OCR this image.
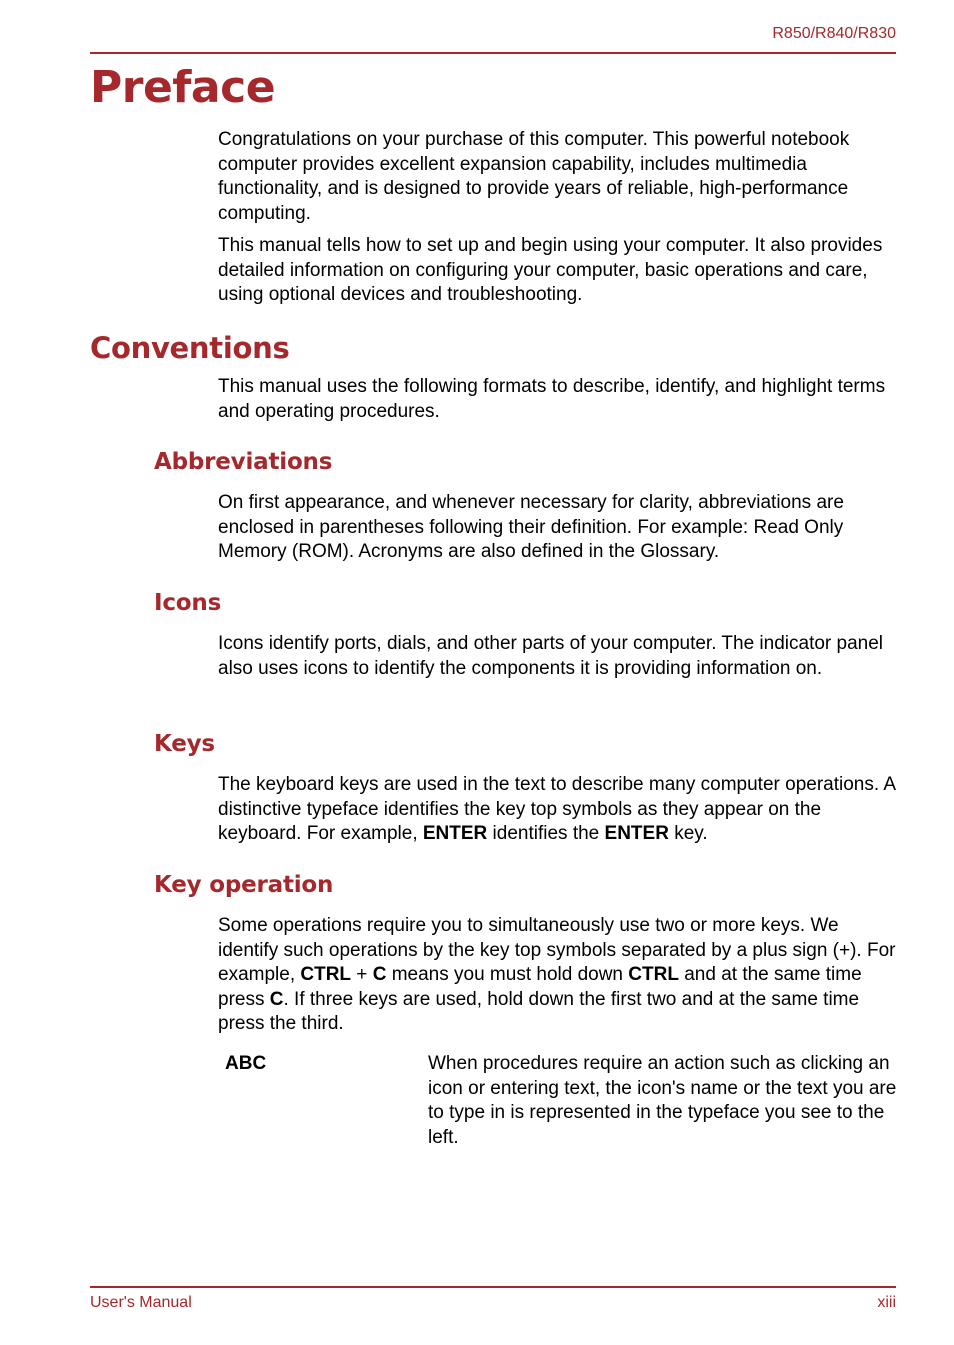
R850/R840/R830
Preface

Congratulations on your purchase of this computer. This powerful notebook computer provides excellent expansion capability, includes multimedia functionality, and is designed to provide years of reliable, high-performance computing.

This manual tells how to set up and begin using your computer. It also provides detailed information on configuring your computer, basic operations and care, using optional devices and troubleshooting.

Conventions

This manual uses the following formats to describe, identify, and highlight terms and operating procedures.

Abbreviations

On first appearance, and whenever necessary for clarity, abbreviations are enclosed in parentheses following their definition. For example: Read Only Memory (ROM). Acronyms are also defined in the Glossary.

Icons

Icons identify ports, dials, and other parts of your computer. The indicator panel also uses icons to identify the components it is providing information on.

Keys

The keyboard keys are used in the text to describe many computer operations. A distinctive typeface identifies the key top symbols as they appear on the keyboard. For example, ENTER identifies the ENTER key.

Key operation

Some operations require you to simultaneously use two or more keys. We identify such operations by the key top symbols separated by a plus sign (+). For example, CTRL + C means you must hold down CTRL and at the same time press C. If three keys are used, hold down the first two and at the same time press the third.

ABC	When procedures require an action such as clicking an icon or entering text, the icon's name or the text you are to type in is represented in the typeface you see to the left.
User's Manual	xiii
